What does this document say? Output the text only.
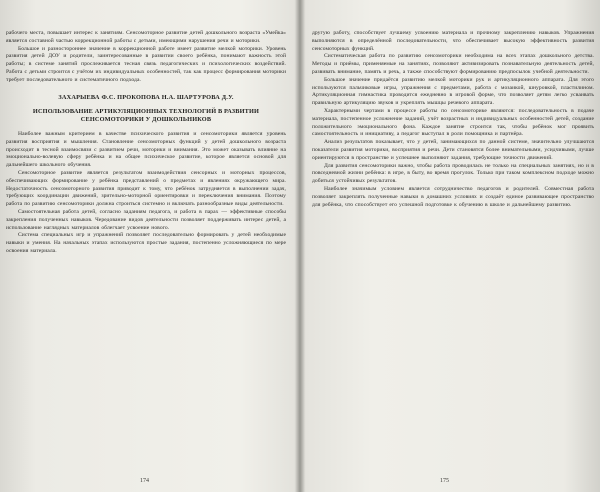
рабочего места, повышает интерес к занятиям. Сенсомоторное развитие детей дошкольного возраста «Умейка» является составной частью коррекционной работы с детьми, имеющими нарушения речи и моторики.

Большое и разностороннее значение в коррекционной работе имеет развитие мелкой моторики. Уровень развития детей ДОУ и родители, заинтересованные в развитии своего ребёнка, понимают важность этой работы; в системе занятий прослеживается тесная связь педагогических и психологических воздействий. Работа с детьми строится с учётом их индивидуальных особенностей, так как процесс формирования моторики требует последовательного и систематичного подхода.

ЗАХАРЫЕВА Ф.С. ПРОКОПОВА Н.А. ШАРТУРОВА Д.У.
ИСПОЛЬЗОВАНИЕ АРТИКУЛЯЦИОННЫХ ТЕХНОЛОГИЙ В РАЗВИТИИ СЕНСОМОТОРИКИ У ДОШКОЛЬНИКОВ

Наиболее важным критерием в качестве психического развития и сенсомоторики является уровень развития восприятия и мышления. Становление сенсомоторных функций у детей дошкольного возраста происходит в тесной взаимосвязи с развитием речи, моторики и внимания. Это может оказывать влияние на эмоционально-волевую сферу ребёнка и на общее психическое развитие, которое является основой для дальнейшего школьного обучения.

Сенсомоторное развитие является результатом взаимодействия сенсорных и моторных процессов, обеспечивающих формирование у ребёнка представлений о предметах и явлениях окружающего мира. Недостаточность сенсомоторного развития приводит к тому, что ребёнок затрудняется в выполнении задач, требующих координации движений, зрительно-моторной ориентировки и переключения внимания. Поэтому работа по развитию сенсомоторики должна строиться системно и включать разнообразные виды деятельности.

Самостоятельная работа детей, согласно заданиям педагога, и работа в парах — эффективные способы закрепления полученных навыков. Чередование видов деятельности позволяет поддерживать интерес детей, а использование наглядных материалов облегчает усвоение нового.

Система специальных игр и упражнений позволяет последовательно формировать у детей необходимые навыки и умения. На начальных этапах используются простые задания, постепенно усложняющиеся по мере освоения материала.

174

другую работу, способствует лучшему усвоению материала и прочному закреплению навыков. Упражнения выполняются в определённой последовательности, что обеспечивает высокую эффективность развития сенсомоторных функций.

Систематическая работа по развитию сенсомоторики необходима на всех этапах дошкольного детства. Методы и приёмы, применяемые на занятиях, позволяют активизировать познавательную деятельность детей, развивать внимание, память и речь, а также способствуют формированию предпосылок учебной деятельности.

Большое значение придаётся развитию мелкой моторики рук и артикуляционного аппарата. Для этого используются пальчиковые игры, упражнения с предметами, работа с мозаикой, шнуровкой, пластилином. Артикуляционная гимнастика проводится ежедневно в игровой форме, что позволяет детям легко усваивать правильную артикуляцию звуков и укреплять мышцы речевого аппарата.

Характерными чертами в процессе работы по сенсомоторике являются: последовательность в подаче материала, постепенное усложнение заданий, учёт возрастных и индивидуальных особенностей детей, создание положительного эмоционального фона. Каждое занятие строится так, чтобы ребёнок мог проявить самостоятельность и инициативу, а педагог выступал в роли помощника и партнёра.

Анализ результатов показывает, что у детей, занимающихся по данной системе, значительно улучшаются показатели развития моторики, восприятия и речи. Дети становятся более внимательными, усидчивыми, лучше ориентируются в пространстве и успешнее выполняют задания, требующие точности движений.

Для развития сенсомоторики важно, чтобы работа проводилась не только на специальных занятиях, но и в повседневной жизни ребёнка: в игре, в быту, во время прогулок. Только при таком комплексном подходе можно добиться устойчивых результатов.

Наиболее значимым условием является сотрудничество педагогов и родителей. Совместная работа позволяет закреплять полученные навыки в домашних условиях и создаёт единое развивающее пространство для ребёнка, что способствует его успешной подготовке к обучению в школе и дальнейшему развитию.

175
